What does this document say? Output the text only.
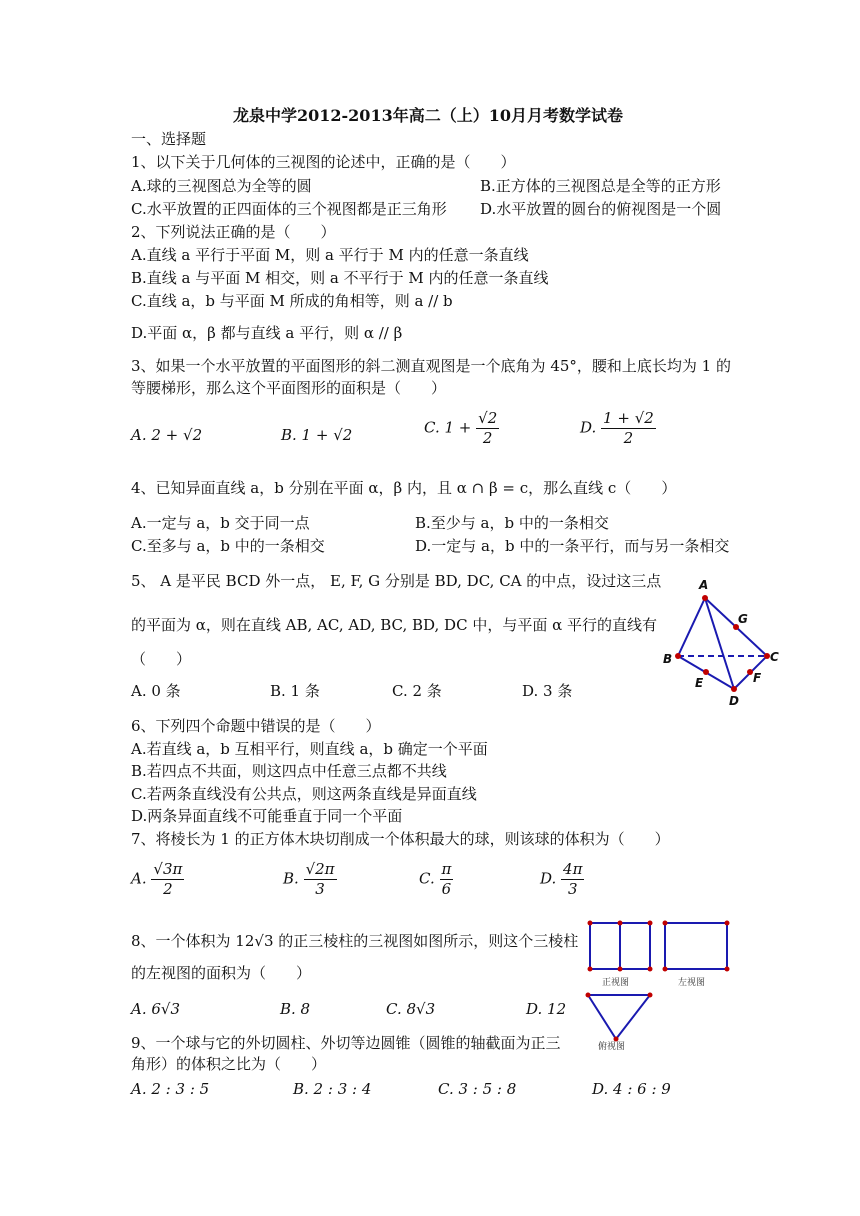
龙泉中学2012-2013年高二（上）10月月考数学试卷
一、选择题
1、以下关于几何体的三视图的论述中，正确的是（　　）
A.球的三视图总为全等的圆	B.正方体的三视图总是全等的正方形
C.水平放置的正四面体的三个视图都是正三角形 D.水平放置的圆台的俯视图是一个圆
2、下列说法正确的是（　　）
A.直线 a 平行于平面 M，则 a 平行于 M 内的任意一条直线
B.直线 a 与平面 M 相交，则 a 不平行于 M 内的任意一条直线
C.直线 a，b 与平面 M 所成的角相等，则 a // b
D.平面 α，β 都与直线 a 平行，则 α // β
3、如果一个水平放置的平面图形的斜二测直观图是一个底角为 45°，腰和上底长均为 1 的
等腰梯形，那么这个平面图形的面积是（　　）
A. 2 + √2	B. 1 + √2	C. $1 + \frac{√2}{2}$	D. $\frac{1 + √2}{2}$
4、已知异面直线 a，b 分别在平面 α，β 内，且 α ∩ β = c，那么直线 c（　　）
A.一定与 a，b 交于同一点	B.至少与 a，b 中的一条相交
C.至多与 a，b 中的一条相交	D.一定与 a，b 中的一条平行，而与另一条相交
5、 A 是平民 BCD 外一点， E, F, G 分别是 BD, DC, CA 的中点，设过这三点
的平面为 α，则在直线 AB, AC, AD, BC, BD, DC 中，与平面 α 平行的直线有
（　　）
A. 0 条	B. 1 条	C. 2 条	D. 3 条
A
G
B	C
E	F
D
6、下列四个命题中错误的是（　　）
A.若直线 a，b 互相平行，则直线 a，b 确定一个平面
B.若四点不共面，则这四点中任意三点都不共线
C.若两条直线没有公共点，则这两条直线是异面直线
D.两条异面直线不可能垂直于同一个平面
7、将棱长为 1 的正方体木块切削成一个体积最大的球，则该球的体积为（　　）
A. $\frac{√3\pi}{2}$	B. $\frac{√2\pi}{3}$	C. $\frac{\pi}{6}$	D. $\frac{4\pi}{3}$
8、一个体积为 12√3 的正三棱柱的三视图如图所示，则这个三棱柱
的左视图的面积为（　　）
A. 6√3	B. 8	C. 8√3	D. 12
正视图	左视图
俯视图
9、一个球与它的外切圆柱、外切等边圆锥（圆锥的轴截面为正三
角形）的体积之比为（　　）
A. 2 : 3 : 5	B. 2 : 3 : 4	C. 3 : 5 : 8	D. 4 : 6 : 9
